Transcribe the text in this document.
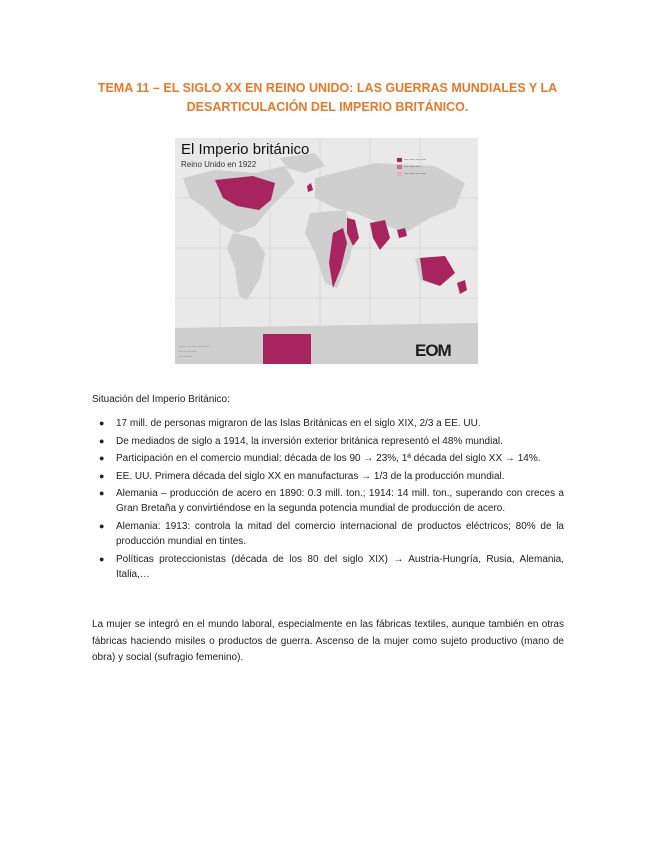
TEMA 11 – EL SIGLO XX EN REINO UNIDO: LAS GUERRAS MUNDIALES Y LA
DESARTICULACIÓN DEL IMPERIO BRITÁNICO.
El Imperio británico
Reino Unido en 1922
— — — —
— — —
— — — —
— — — — — — —
— — — —
— — —	EOM
Situación del Imperio Británico:
● 17 mill. de personas migraron de las Islas Británicas en el siglo XIX, 2/3 a EE. UU.
● De mediados de siglo a 1914, la inversión exterior británica representó el 48% mundial.
● Participación en el comercio mundial: década de los 90 → 23%, 1ª década del siglo XX → 14%.
● EE. UU. Primera década del siglo XX en manufacturas → 1/3 de la producción mundial.
● Alemania – producción de acero en 1890: 0.3 mill. ton.; 1914: 14 mill. ton., superando con creces a Gran Bretaña y convirtiéndose en la segunda potencia mundial de producción de acero.
● Alemania: 1913: controla la mitad del comercio internacional de productos eléctricos; 80% de la producción mundial en tintes.
● Políticas proteccionistas (década de los 80 del siglo XIX) → Austria-Hungría, Rusia, Alemania, Italia,…
La mujer se integró en el mundo laboral, especialmente en las fábricas textiles, aunque también en otras fábricas haciendo misiles o productos de guerra. Ascenso de la mujer como sujeto productivo (mano de obra) y social (sufragio femenino).
